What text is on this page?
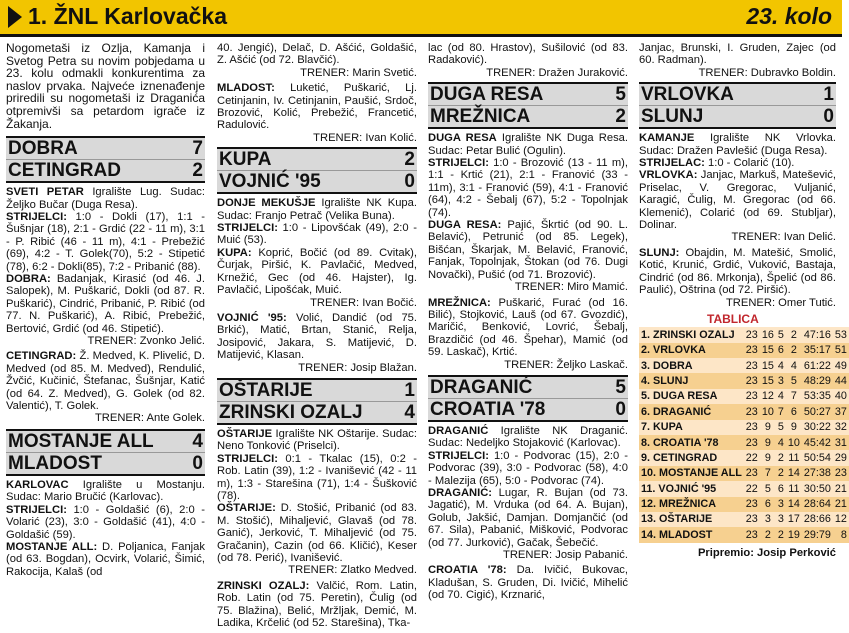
1. ŽNL Karlovačka	23. kolo

Nogometaši iz Ozlja, Kamanja i Svetog Petra su novim pobjedama u 23. kolu odmakli konkurentima za naslov prvaka. Najveće iznenađenje priredili su nogometaši iz Draganića otpremivši sa petardom igrače iz Žakanja.

DOBRA	7
CETINGRAD	2

SVETI PETAR Igralište Lug. Sudac: Željko Bučar (Duga Resa).

STRIJELCI: 1:0 - Dokli (17), 1:1 - Šušnjar (18), 2:1 - Grdić (22 - 11 m), 3:1 - P. Ribić (46 - 11 m), 4:1 - Prebežić (69), 4:2 - T. Golek(70), 5:2 - Stipetić (78), 6:2 - Dokli(85), 7:2 - Pribanić (88).

DOBRA: Badanjak, Kirasić (od 46. J. Salopek), M. Puškarić, Dokli (od 87. R. Puškarić), Cindrić, Pribanić, P. Ribić (od 77. N. Puškarić), A. Ribić, Prebežić, Bertović, Grdić (od 46. Stipetić).

TRENER: Zvonko Jelić.

CETINGRAD: Ž. Medved, K. Plivelić, D. Medved (od 85. M. Medved), Rendulić, Žvčić, Kučinić, Štefanac, Šušnjar, Katić (od 64. Z. Medved), G. Golek (od 82. Valentić), T. Golek.

TRENER: Ante Golek.

MOSTANJE ALL 4
MLADOST	0

KARLOVAC Igralište u Mostanju. Sudac: Mario Bručić (Karlovac).

STRIJELCI: 1:0 - Goldašić (6), 2:0 - Volarić (23), 3:0 - Goldašić (41), 4:0 - Goldašić (59).

MOSTANJE ALL: D. Poljanica, Fanjak (od 63. Bogdan), Ocvirk, Volarić, Šimić, Rakocija, Kalaš (od

40. Jengić), Delač, D. Ašćić, Goldašić, Z. Ašćić (od 72. Blavčić).

TRENER: Marin Svetić.

MLADOST: Luketić, Puškarić, Lj. Cetinjanin, Iv. Cetinjanin, Paušić, Srdoč, Brozović, Kolić, Prebežić, Francetić, Radulović.

TRENER: Ivan Kolić.

KUPA	2
VOJNIĆ '95	0

DONJE MEKUŠJE Igralište NK Kupa. Sudac: Franjo Petrač (Velika Buna).

STRIJELCI: 1:0 - Lipovšćak (49), 2:0 - Muić (53).

KUPA: Koprić, Bočić (od 89. Cvitak), Čurjak, Piršić, K. Pavlačić, Medved, Krnežić, Gec (od 46. Hajster), Ig. Pavlačić, Lipošćak, Muić.

TRENER: Ivan Bočić.

VOJNIĆ '95: Volić, Dandić (od 75. Brkić), Matić, Brtan, Stanić, Relja, Josipović, Jakara, S. Matijević, D. Matijević, Klasan.

TRENER: Josip Blažan.

OŠTARIJE	1
ZRINSKI OZALJ 4

OŠTARIJE Igralište NK Oštarije. Sudac: Neno Tonković (Priselci).

STRIJELCI: 0:1 - Tkalac (15), 0:2 - Rob. Latin (39), 1:2 - Ivanišević (42 - 11 m), 1:3 - Starešina (71), 1:4 - Šušković (78).

OŠTARIJE: D. Stošić, Pribanić (od 83. M. Stošić), Mihaljević, Glavaš (od 78. Ganić), Jerković, T. Mihaljević (od 75. Gračanin), Cazin (od 66. Kličić), Keser (od 78. Perić), Ivanišević.

TRENER: Zlatko Medved.

ZRINSKI OZALJ: Valčić, Rom. Latin, Rob. Latin (od 75. Peretin), Čulig (od 75. Blažina), Belić, Mržljak, Demić, M. Ladika, Krčelić (od 52. Starešina), Tka-

lac (od 80. Hrastov), Sušilović (od 83. Radaković).

TRENER: Dražen Juraković.

DUGA RESA	5
MREŽNICA	2

DUGA RESA Igralište NK Duga Resa. Sudac: Petar Bulić (Ogulin).

STRIJELCI: 1:0 - Brozović (13 - 11 m), 1:1 - Krtić (21), 2:1 - Franović (33 - 11m), 3:1 - Franović (59), 4:1 - Franović (64), 4:2 - Šebalj (67), 5:2 - Topolnjak (74).

DUGA RESA: Pajić, Škrtić (od 90. L. Belavić), Petrunić (od 85. Legek), Bišćan, Škarjak, M. Belavić, Franović, Fanjak, Topolnjak, Štokan (od 76. Dugi Novački), Pušić (od 71. Brozović).

TRENER: Miro Mamić.

MREŽNICA: Puškarić, Furać (od 16. Bilić), Stojković, Lauš (od 67. Gvozdić), Maričić, Benković, Lovrić, Šebalj, Brazdičić (od 46. Špehar), Mamić (od 59. Laskač), Krtić.

TRENER: Željko Laskač.

DRAGANIĆ	5
CROATIA '78	0

DRAGANIĆ Igralište NK Draganić. Sudac: Nedeljko Stojaković (Karlovac).

STRIJELCI: 1:0 - Podvorac (15), 2:0 - Podvorac (39), 3:0 - Podvorac (58), 4:0 - Malezija (65), 5:0 - Podvorac (74).

DRAGANIĆ: Lugar, R. Bujan (od 73. Jagatić), M. Vrduka (od 64. A. Bujan), Golub, Jakšić, Damjan. Domjančić (od 67. Sila), Pabanić, Mišković, Podvorac (od 77. Jurković), Gačak, Šebečić.

TRENER: Josip Pabanić.

CROATIA '78: Da. Ivičić, Bukovac, Kladušan, S. Gruden, Di. Ivičić, Mihelić (od 70. Cigić), Krznarić,

Janjac, Brunski, I. Gruden, Zajec (od 60. Radman).

TRENER: Dubravko Boldin.

VRLOVKA	1
SLUNJ	0

KAMANJE Igralište NK Vrlovka. Sudac: Dražen Pavlešić (Duga Resa).

STRIJELAC: 1:0 - Colarić (10).

VRLOVKA: Janjac, Markuš, Matešević, Priselac, V. Gregorac, Vuljanić, Karagić, Čulig, M. Gregorac (od 66. Klemenić), Colarić (od 69. Stubljar), Dolinar.

TRENER: Ivan Delić.

SLUNJ: Obajdin, M. Matešić, Smolić, Kotić, Krunić, Grdić, Vuković, Bastaja, Cindrić (od 86. Mrkonja), Špelić (od 86. Paulić), Oštrina (od 72. Piršić).

TRENER: Omer Tutić.

TABLICA
1. ZRINSKI OZALJ	23	16	5	2	47:16	53
2. VRLOVKA	23	15	6	2	35:17	51
3. DOBRA	23	15	4	4	61:22	49
4. SLUNJ	23	15	3	5	48:29	44
5. DUGA RESA	23	12	4	7	53:35	40
6. DRAGANIĆ	23	10	7	6	50:27	37
7. KUPA	23	9	5	9	30:22	32
8. CROATIA '78	23	9	4	10	45:42	31
9. CETINGRAD	22	9	2	11	50:54	29
10. MOSTANJE ALL	23	7	2	14	27:38	23
11. VOJNIĆ '95	22	5	6	11	30:50	21
12. MREŽNICA	23	6	3	14	28:64	21
13. OŠTARIJE	23	3	3	17	28:66	12
14. MLADOST	23	2	2	19	29:79	8
Pripremio: Josip Perković
